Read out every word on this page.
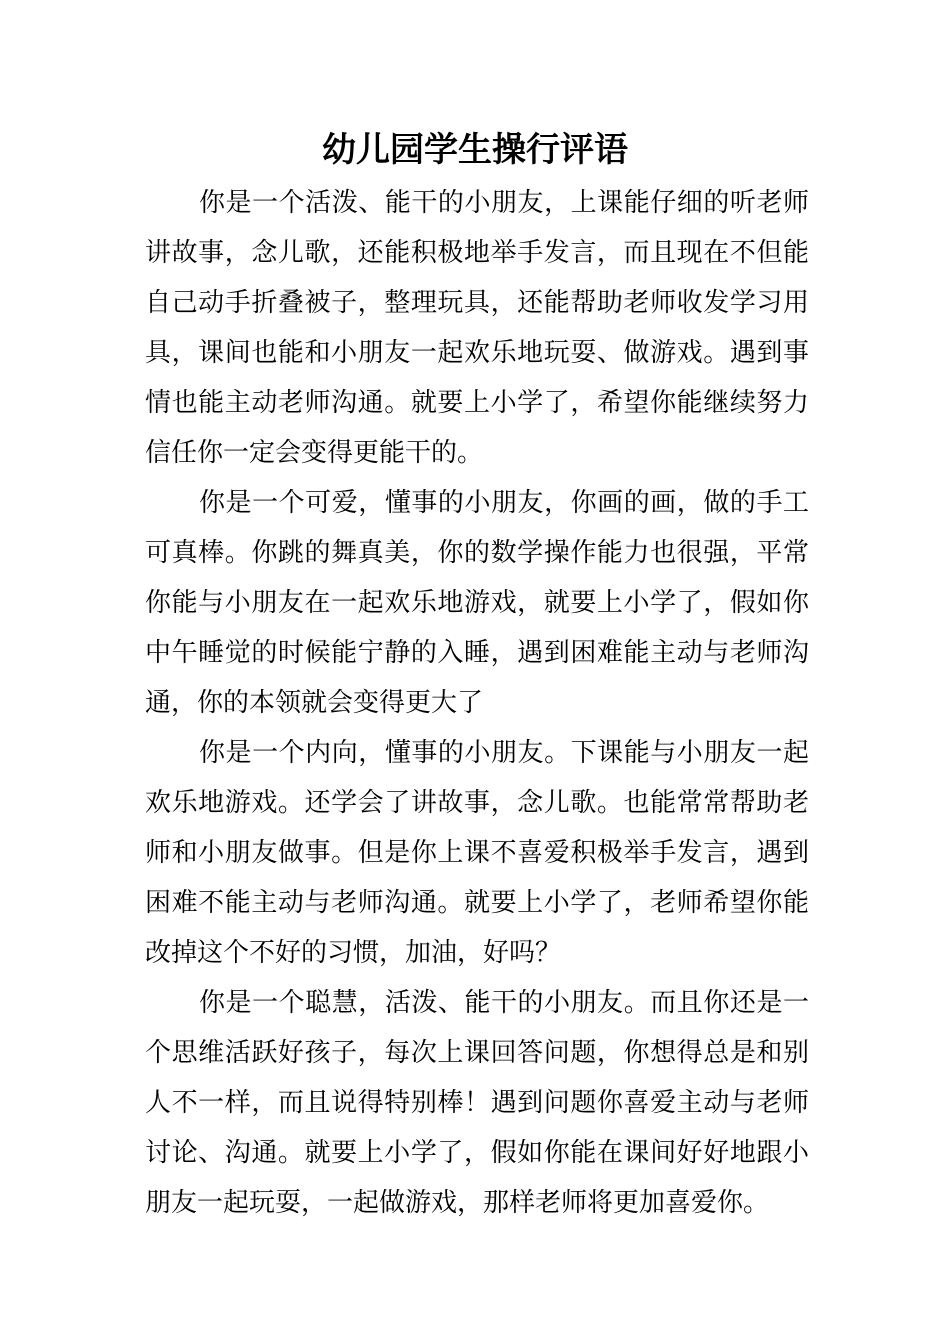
幼儿园学生操行评语

你是一个活泼、能干的小朋友，上课能仔细的听老师讲故事，念儿歌，还能积极地举手发言，而且现在不但能自己动手折叠被子，整理玩具，还能帮助老师收发学习用具，课间也能和小朋友一起欢乐地玩耍、做游戏。遇到事情也能主动老师沟通。就要上小学了，希望你能继续努力信任你一定会变得更能干的。

你是一个可爱，懂事的小朋友，你画的画，做的手工可真棒。你跳的舞真美，你的数学操作能力也很强，平常你能与小朋友在一起欢乐地游戏，就要上小学了，假如你中午睡觉的时候能宁静的入睡，遇到困难能主动与老师沟通，你的本领就会变得更大了

你是一个内向，懂事的小朋友。下课能与小朋友一起欢乐地游戏。还学会了讲故事，念儿歌。也能常常帮助老师和小朋友做事。但是你上课不喜爱积极举手发言，遇到困难不能主动与老师沟通。就要上小学了，老师希望你能改掉这个不好的习惯，加油，好吗？

你是一个聪慧，活泼、能干的小朋友。而且你还是一个思维活跃好孩子，每次上课回答问题，你想得总是和别人不一样，而且说得特别棒！遇到问题你喜爱主动与老师讨论、沟通。就要上小学了，假如你能在课间好好地跟小朋友一起玩耍，一起做游戏，那样老师将更加喜爱你。
